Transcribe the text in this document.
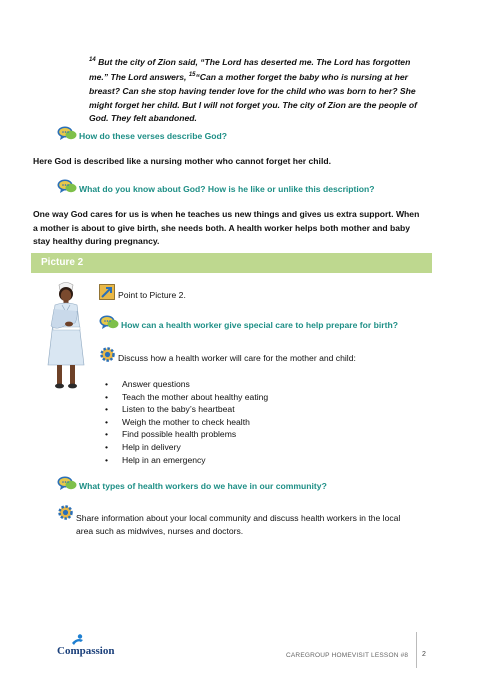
$^{14}$ But the city of Zion said, “The Lord has deserted me. The Lord has forgotten me.” The Lord answers, $^{15}$“Can a mother forget the baby who is nursing at her breast? Can she stop having tender love for the child who was born to her? She might forget her child. But I will not forget you. The city of Zion are the people of God. They felt abandoned.
How do these verses describe God?
Here God is described like a nursing mother who cannot forget her child.
What do you know about God? How is he like or unlike this description?
One way God cares for us is when he teaches us new things and gives us extra support. When a mother is about to give birth, she needs both. A health worker helps both mother and baby stay healthy during pregnancy.
Picture 2
Point to Picture 2.
How can a health worker give special care to help prepare for birth?
Discuss how a health worker will care for the mother and child:
• Answer questions
• Teach the mother about healthy eating
• Listen to the baby’s heartbeat
• Weigh the mother to check health
• Find possible health problems
• Help in delivery
• Help in an emergency
What types of health workers do we have in our community?
Share information about your local community and discuss health workers in the local area such as midwives, nurses and doctors.
Compassion	CAREGROUP HOMEVISIT LESSON #8 2
